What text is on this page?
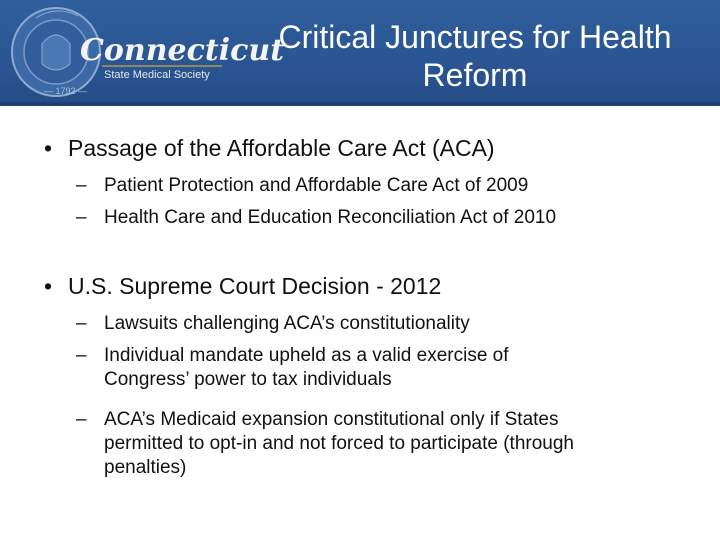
Connecticut
State Medical Society
— 1792 —
Critical Junctures for Health
Reform
• Passage of the Affordable Care Act (ACA)
– Patient Protection and Affordable Care Act of 2009
– Health Care and Education Reconciliation Act of 2010
• U.S. Supreme Court Decision - 2012
– Lawsuits challenging ACA’s constitutionality
– Individual mandate upheld as a valid exercise of
Congress’ power to tax individuals
– ACA’s Medicaid expansion constitutional only if States
permitted to opt-in and not forced to participate (through
penalties)
